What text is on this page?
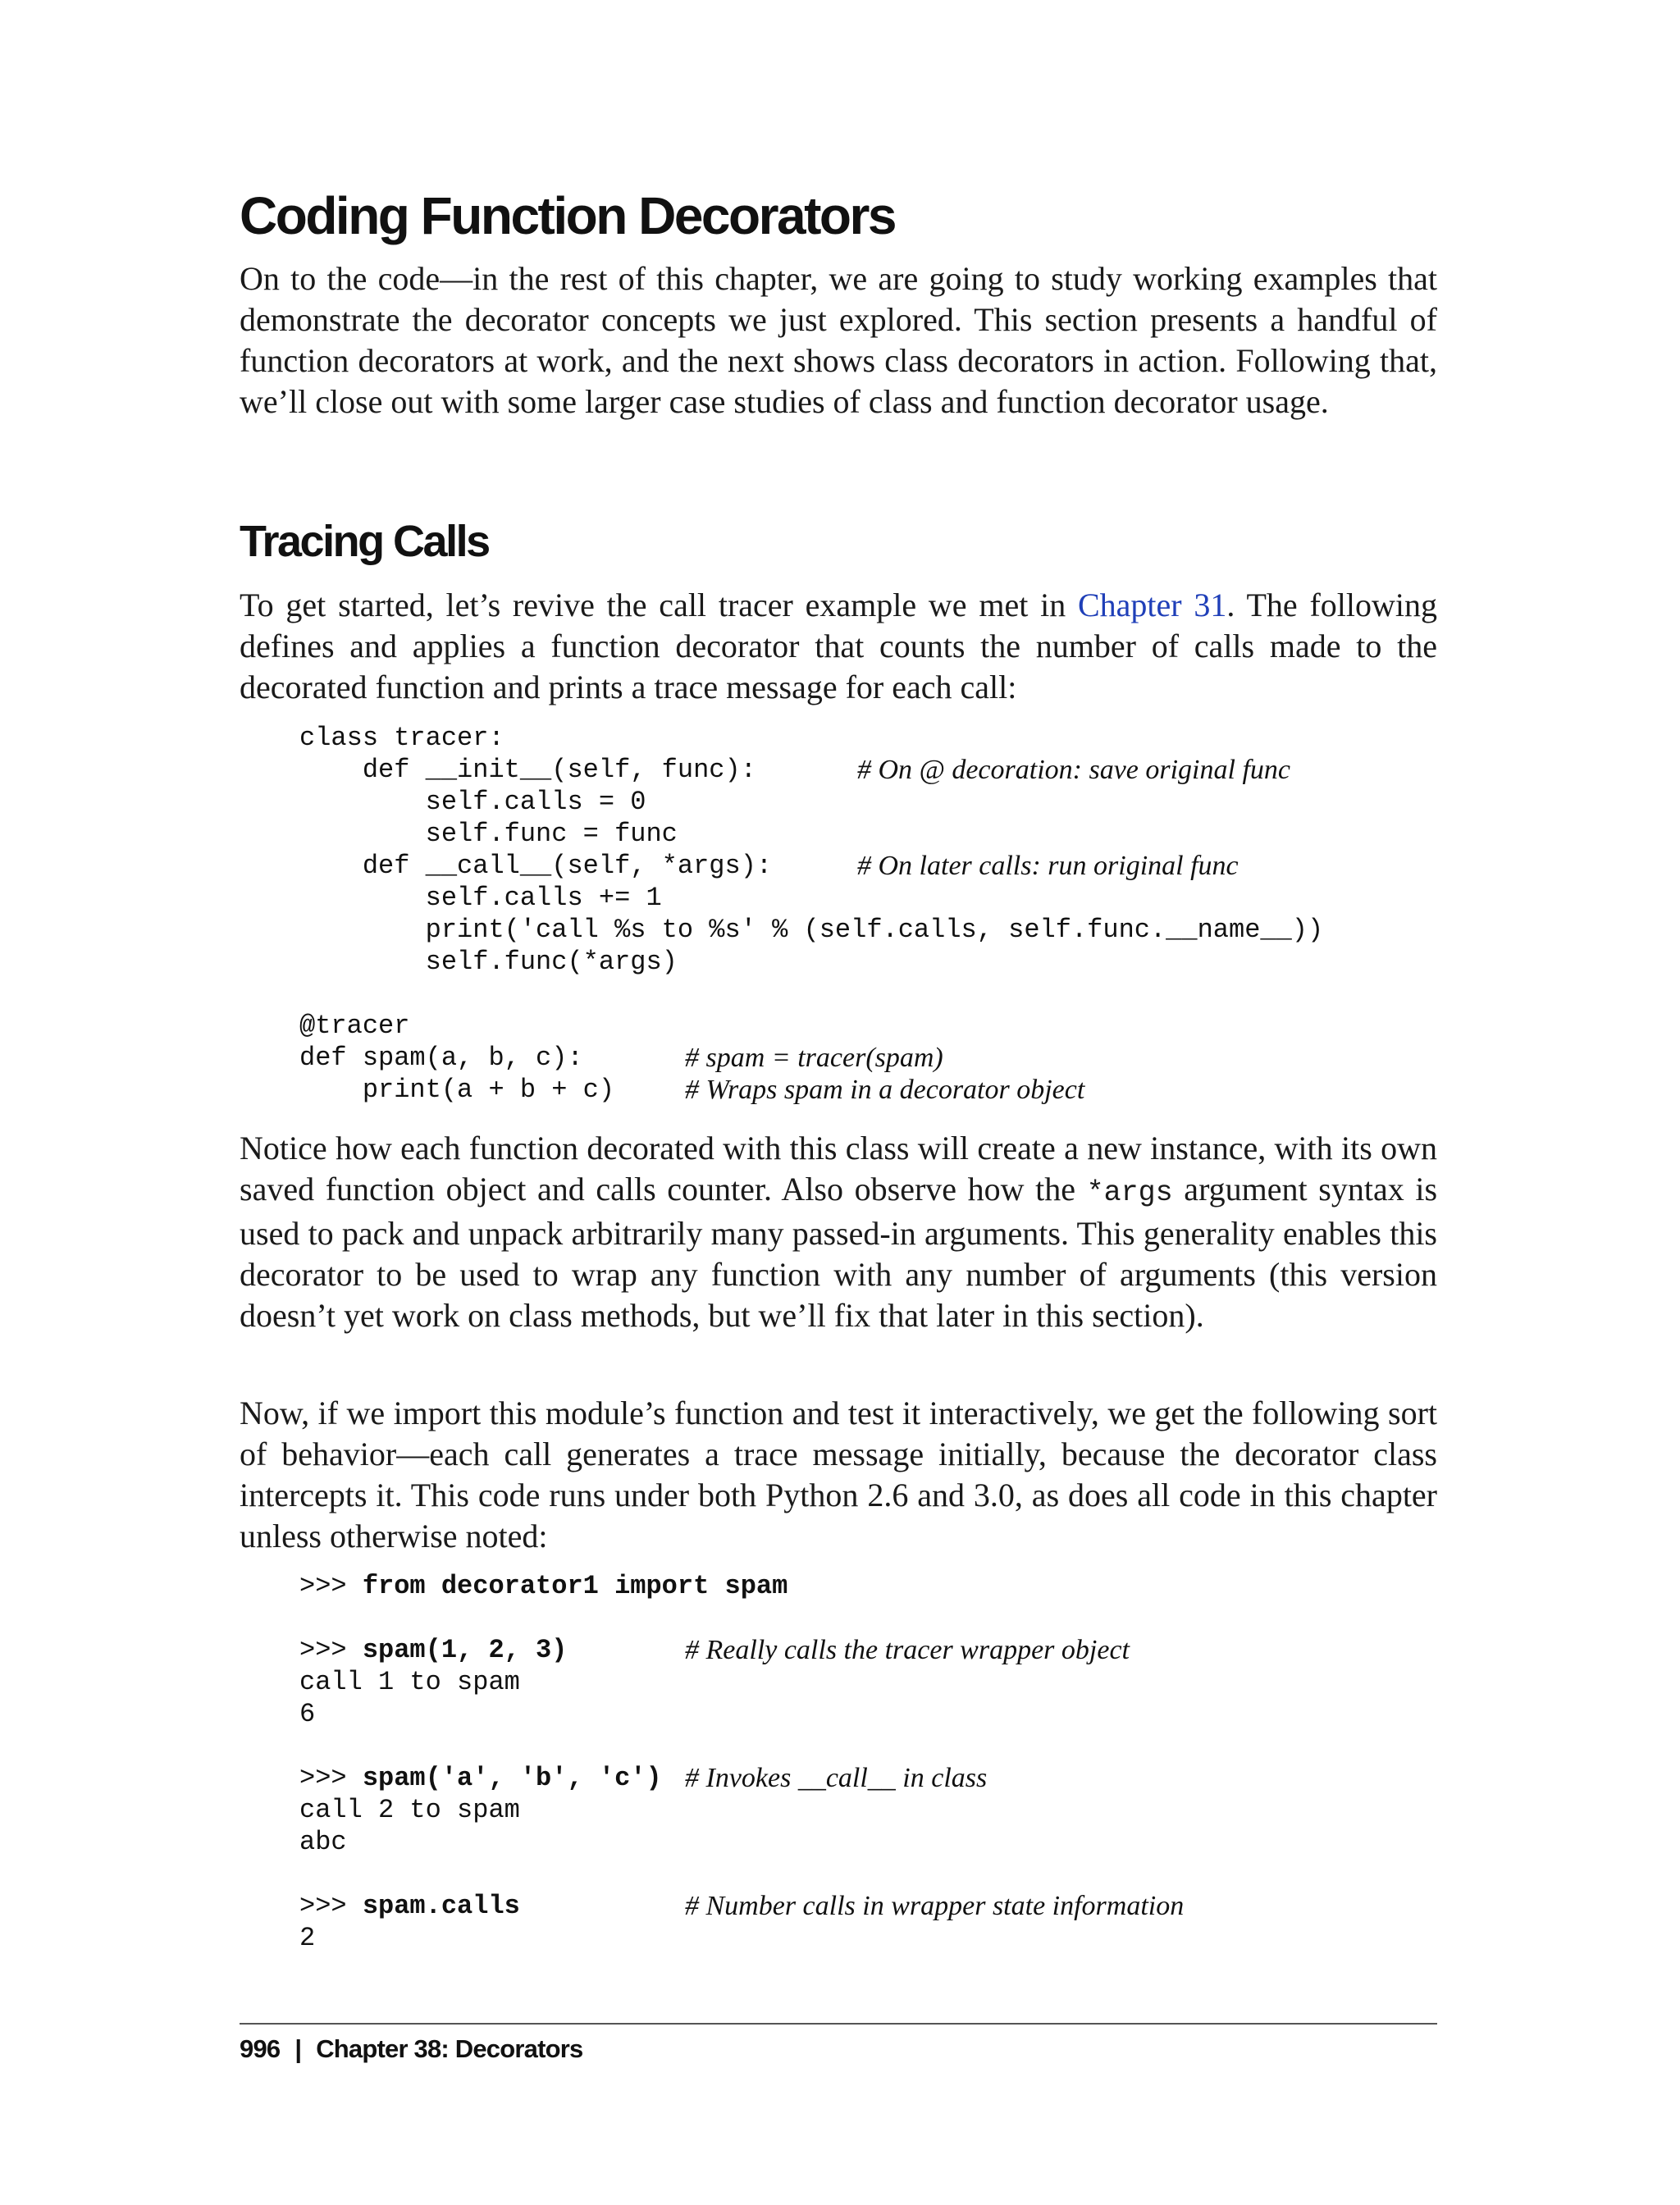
Coding Function Decorators

On to the code—in the rest of this chapter, we are going to study working examples that demonstrate the decorator concepts we just explored. This section presents a handful of function decorators at work, and the next shows class decorators in action. Following that, we’ll close out with some larger case studies of class and function decorator usage.

Tracing Calls

To get started, let’s revive the call tracer example we met in Chapter 31. The following defines and applies a function decorator that counts the number of calls made to the decorated function and prints a trace message for each call:

class tracer:
def __init__(self, func):	# On @ decoration: save original func
self.calls = 0
self.func = func
def __call__(self, *args):	# On later calls: run original func
self.calls += 1
print('call %s to %s' % (self.calls, self.func.__name__))
self.func(*args)
@tracer
def spam(a, b, c):	# spam = tracer(spam)
print(a + b + c)	# Wraps spam in a decorator object

Notice how each function decorated with this class will create a new instance, with its own saved function object and calls counter. Also observe how the *args argument syntax is used to pack and unpack arbitrarily many passed-in arguments. This generality enables this decorator to be used to wrap any function with any number of arguments (this version doesn’t yet work on class methods, but we’ll fix that later in this section).

Now, if we import this module’s function and test it interactively, we get the following sort of behavior—each call generates a trace message initially, because the decorator class intercepts it. This code runs under both Python 2.6 and 3.0, as does all code in this chapter unless otherwise noted:

>>> from decorator1 import spam
>>> spam(1, 2, 3)	# Really calls the tracer wrapper object
call 1 to spam
6
>>> spam('a', 'b', 'c') # Invokes __call__ in class
call 2 to spam
abc
>>> spam.calls	# Number calls in wrapper state information
2
996 | Chapter 38: Decorators
